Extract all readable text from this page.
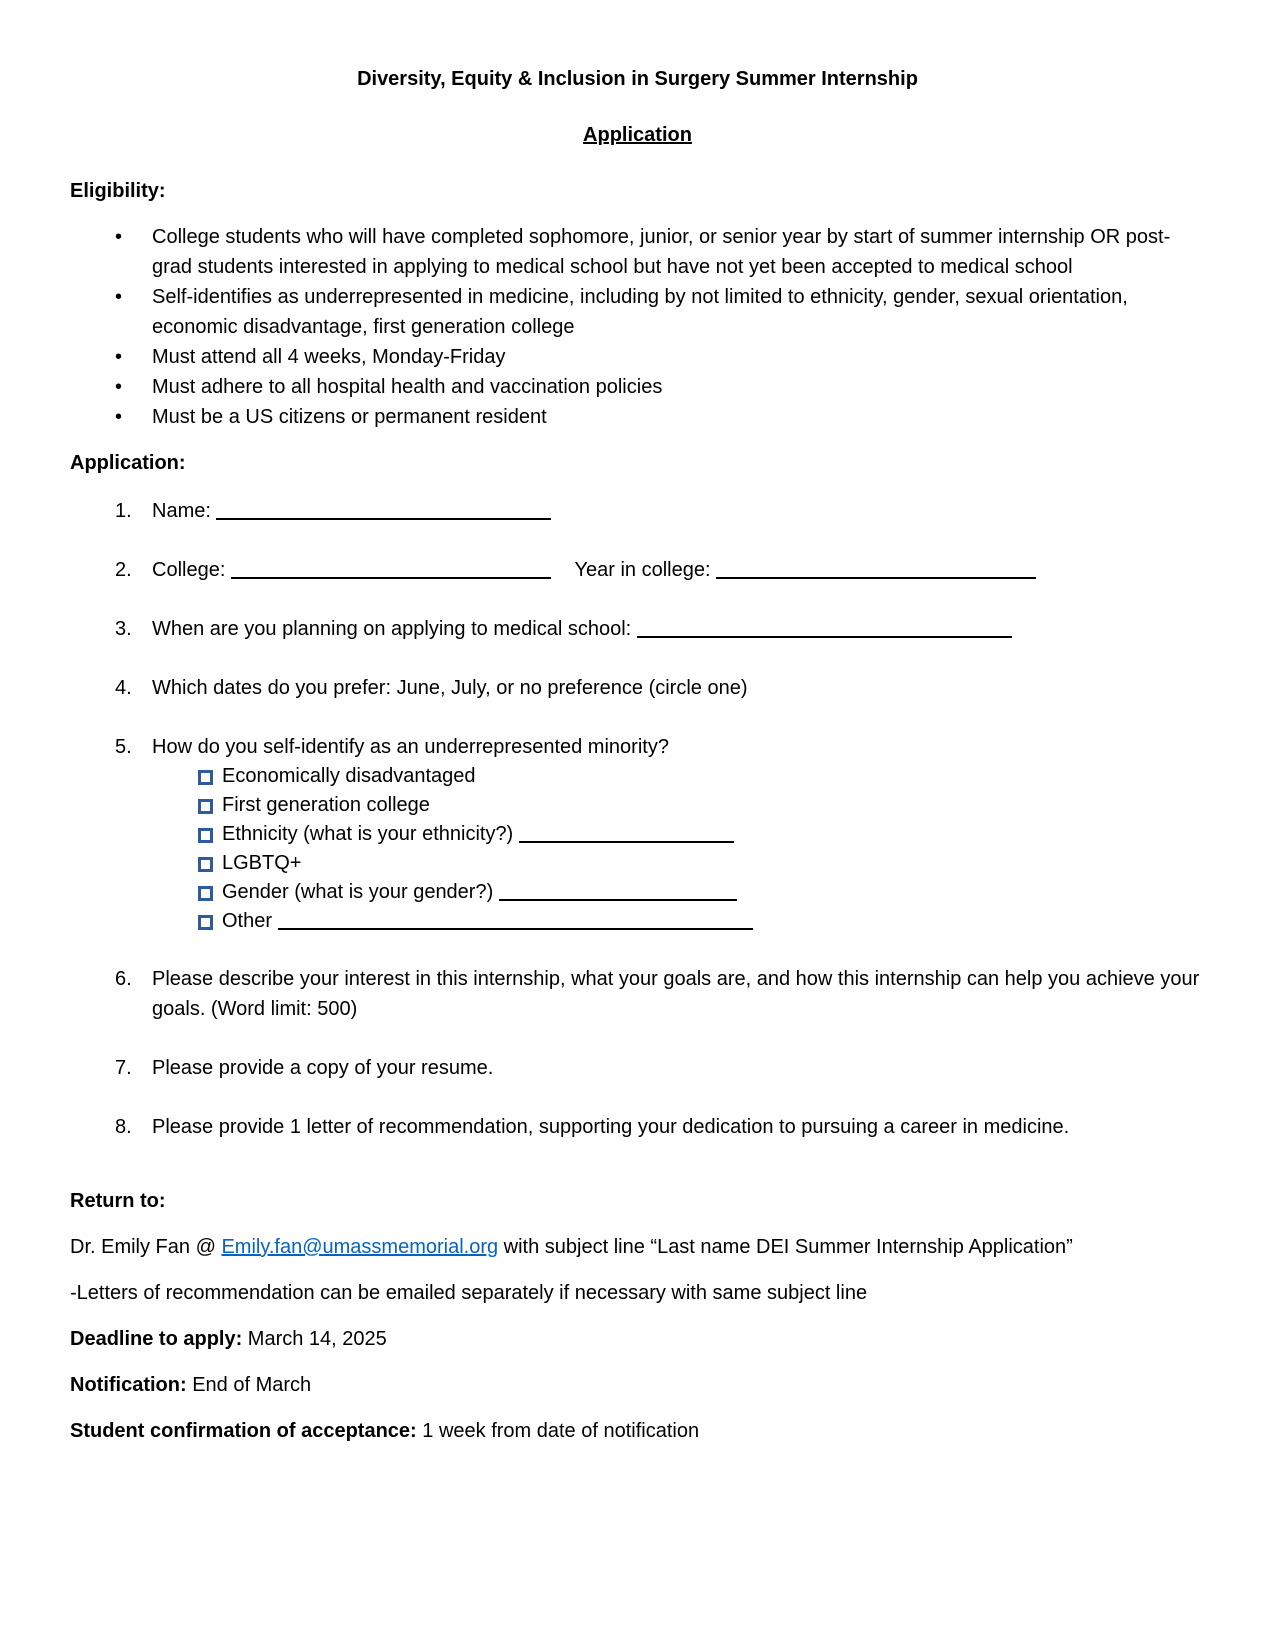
Diversity, Equity & Inclusion in Surgery Summer Internship
Application
Eligibility:
•	College students who will have completed sophomore, junior, or senior year by start of summer internship OR post-grad students interested in applying to medical school but have not yet been accepted to medical school
•	Self-identifies as underrepresented in medicine, including by not limited to ethnicity, gender, sexual orientation, economic disadvantage, first generation college
•	Must attend all 4 weeks, Monday-Friday
•	Must adhere to all hospital health and vaccination policies
•	Must be a US citizens or permanent resident
Application:
1.	Name:
2.	College:	Year in college:
3.	When are you planning on applying to medical school:
4.	Which dates do you prefer: June, July, or no preference (circle one)
5.	How do you self-identify as an underrepresented minority?
Economically disadvantaged
First generation college
Ethnicity (what is your ethnicity?)
LGBTQ+
Gender (what is your gender?)
Other
6.	Please describe your interest in this internship, what your goals are, and how this internship can help you achieve your goals. (Word limit: 500)
7.	Please provide a copy of your resume.
8.	Please provide 1 letter of recommendation, supporting your dedication to pursuing a career in medicine.
Return to:

Dr. Emily Fan @ Emily.fan@umassmemorial.org with subject line “Last name DEI Summer Internship Application”

-Letters of recommendation can be emailed separately if necessary with same subject line

Deadline to apply: March 14, 2025

Notification: End of March

Student confirmation of acceptance: 1 week from date of notification
